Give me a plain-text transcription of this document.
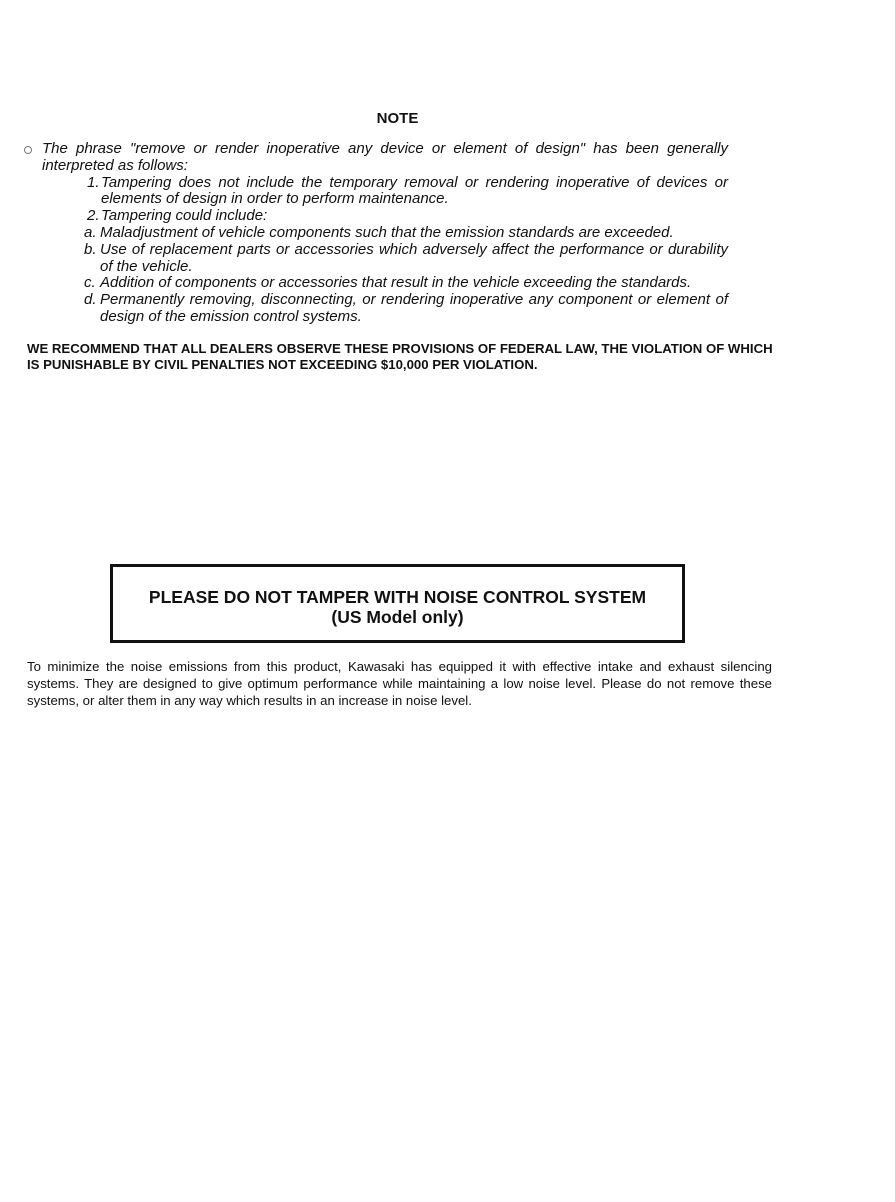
NOTE
The phrase "remove or render inoperative any device or element of design" has been generally interpreted as follows:
1. Tampering does not include the temporary removal or rendering inoperative of devices or elements of design in order to perform maintenance.
2. Tampering could include:
a. Maladjustment of vehicle components such that the emission standards are exceeded.
b. Use of replacement parts or accessories which adversely affect the performance or durability of the vehicle.
c. Addition of components or accessories that result in the vehicle exceeding the standards.
d. Permanently removing, disconnecting, or rendering inoperative any component or element of design of the emission control systems.
WE RECOMMEND THAT ALL DEALERS OBSERVE THESE PROVISIONS OF FEDERAL LAW, THE VIOLATION OF WHICH IS PUNISHABLE BY CIVIL PENALTIES NOT EXCEEDING $10,000 PER VIOLATION.
PLEASE DO NOT TAMPER WITH NOISE CONTROL SYSTEM
(US Model only)
To minimize the noise emissions from this product, Kawasaki has equipped it with effective intake and exhaust silencing systems. They are designed to give optimum performance while maintaining a low noise level. Please do not remove these systems, or alter them in any way which results in an increase in noise level.
